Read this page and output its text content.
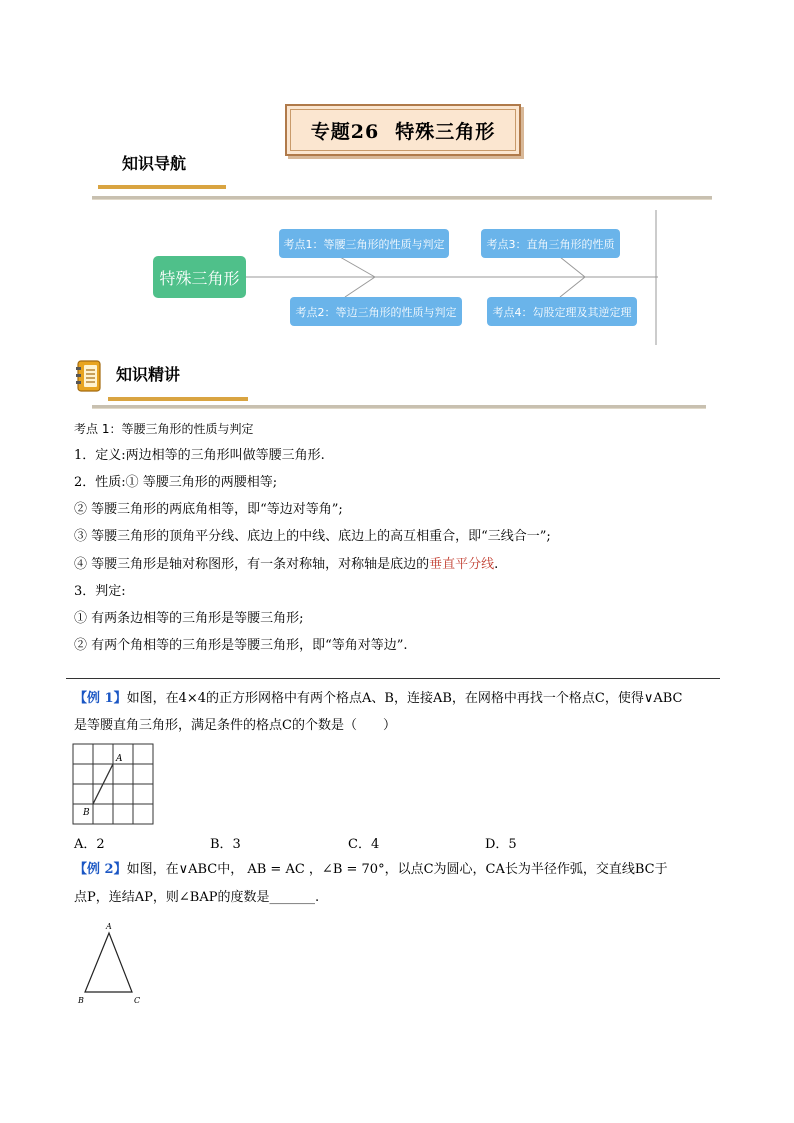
专题26 特殊三角形
知识导航
特殊三角形
考点1：等腰三角形的性质与判定
考点2：等边三角形的性质与判定
考点3：直角三角形的性质
考点4：勾股定理及其逆定理
知识精讲
考点 1：等腰三角形的性质与判定
1．定义:两边相等的三角形叫做等腰三角形.
2．性质:① 等腰三角形的两腰相等;
② 等腰三角形的两底角相等，即“等边对等角”;
③ 等腰三角形的顶角平分线、底边上的中线、底边上的高互相重合，即“三线合一”;
④ 等腰三角形是轴对称图形，有一条对称轴，对称轴是底边的垂直平分线.
3．判定:
① 有两条边相等的三角形是等腰三角形;
② 有两个角相等的三角形是等腰三角形，即“等角对等边”.
【例 1】如图，在4×4的正方形网格中有两个格点A、B，连接AB，在网格中再找一个格点C，使得∨ABC
是等腰直角三角形，满足条件的格点C的个数是（　　）
A
B
A．2	B．3	C．4	D．5
【例 2】如图，在∨ABC中， AB = AC ，∠B = 70°，以点C为圆心，CA长为半径作弧，交直线BC于
点P，连结AP，则∠BAP的度数是_______.
A
B	C
